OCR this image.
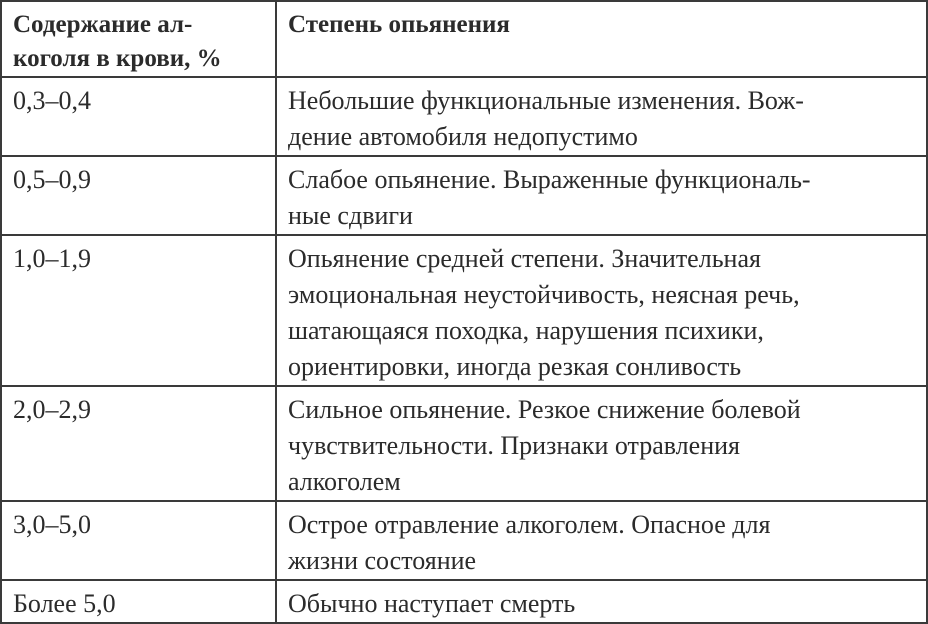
Содержание ал-
коголя в крови, %	Степень опьянения

0,3–0,4	Небольшие функциональные изменения. Вож-
дение автомобиля недопустимо

0,5–0,9	Слабое опьянение. Выраженные функциональ-
ные сдвиги

1,0–1,9	Опьянение средней степени. Значительная
эмоциональная неустойчивость, неясная речь,
шатающаяся походка, нарушения психики,
ориентировки, иногда резкая сонливость

2,0–2,9	Сильное опьянение. Резкое снижение болевой
чувствительности. Признаки отравления
алкоголем

3,0–5,0	Острое отравление алкоголем. Опасное для
жизни состояние

Более 5,0	Обычно наступает смерть
